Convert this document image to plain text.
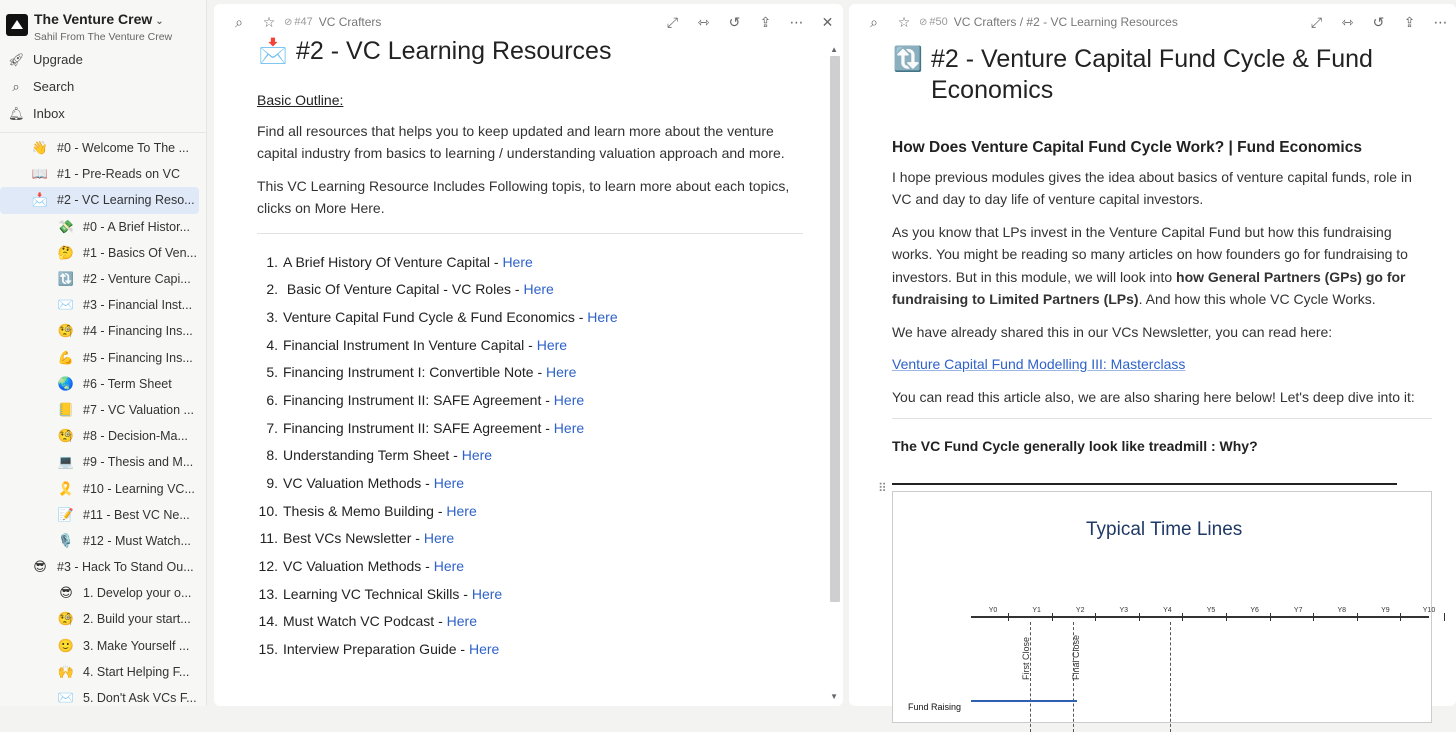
The Venture Crew ⌄
Sahil From The Venture Crew
🚀︎ Upgrade
⌕	Search
🔔︎ Inbox
👋 #0 - Welcome To The ...
📖 #1 - Pre-Reads on VC
📩 #2 - VC Learning Reso...
💸 #0 - A Brief Histor...
🤔 #1 - Basics Of Ven...
🔃 #2 - Venture Capi...
✉️ #3 - Financial Inst...
🧐 #4 - Financing Ins...
💪 #5 - Financing Ins...
🌏 #6 - Term Sheet
📒 #7 - VC Valuation ...
🧐 #8 - Decision-Ma...
💻 #9 - Thesis and M...
🎗️ #10 - Learning VC...
📝 #11 - Best VC Ne...
🎙️ #12 - Must Watch...
😎 #3 - Hack To Stand Ou...
😎 1. Develop your o...
🧐 2. Build your start...
🙂 3. Make Yourself ...
🙌 4. Start Helping F...
✉️ 5. Don't Ask VCs F...
⌕	☆	⊘ #47 VC Crafters	⤢	⇿	↺	⇪	⋯	✕
📩 #2 - VC Learning Resources
Basic Outline:

Find all resources that helps you to keep updated and learn more about the venture capital industry from basics to learning / understanding valuation approach and more.

This VC Learning Resource Includes Following topis, to learn more about each topics, clicks on More Here.

1. A Brief History Of Venture Capital - Here
2. Basic Of Venture Capital - VC Roles - Here
3. Venture Capital Fund Cycle & Fund Economics - Here
4. Financial Instrument In Venture Capital - Here
5. Financing Instrument I: Convertible Note - Here
6. Financing Instrument II: SAFE Agreement - Here
7. Financing Instrument II: SAFE Agreement - Here
8. Understanding Term Sheet - Here
9. VC Valuation Methods - Here
10. Thesis & Memo Building - Here
11. Best VCs Newsletter - Here
12. VC Valuation Methods - Here
13. Learning VC Technical Skills - Here
14. Must Watch VC Podcast - Here
15. Interview Preparation Guide - Here
▲
▼
⌕	☆	⊘ #50 VC Crafters / #2 - VC Learning Resources	⤢	⇿	↺	⇪	⋯
🔃 #2 - Venture Capital Fund Cycle & Fund Economics
How Does Venture Capital Fund Cycle Work? | Fund Economics

I hope previous modules gives the idea about basics of venture capital funds, role in VC and day to day life of venture capital investors.

As you know that LPs invest in the Venture Capital Fund but how this fundraising works. You might be reading so many articles on how founders go for fundraising to investors. But in this module, we will look into how General Partners (GPs) go for fundraising to Limited Partners (LPs). And how this whole VC Cycle Works.

We have already shared this in our VCs Newsletter, you can read here:

Venture Capital Fund Modelling III: Masterclass

You can read this article also, we are also sharing here below! Let's deep dive into it:

The VC Fund Cycle generally look like treadmill : Why?
⠿
Typical Time Lines
First Close	Final Close
Fund Raising
Y0	Y1	Y2	Y3	Y4	Y5	Y6	Y7	Y8	Y9	Y10
